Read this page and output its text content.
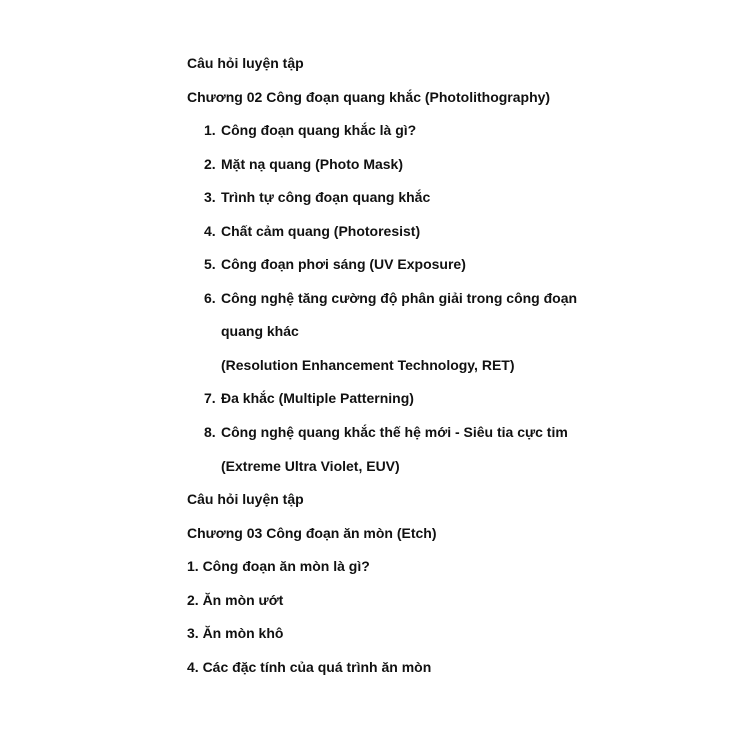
Câu hỏi luyện tập
Chương 02 Công đoạn quang khắc (Photolithography)
1. Công đoạn quang khắc là gì?
2. Mặt nạ quang (Photo Mask)
3. Trình tự công đoạn quang khắc
4. Chất cảm quang (Photoresist)
5. Công đoạn phơi sáng (UV Exposure)
6. Công nghệ tăng cường độ phân giải trong công đoạn
quang khác
(Resolution Enhancement Technology, RET)
7. Đa khắc (Multiple Patterning)
8. Công nghệ quang khắc thế hệ mới - Siêu tia cực tim
(Extreme Ultra Violet, EUV)
Câu hỏi luyện tập
Chương 03 Công đoạn ăn mòn (Etch)
1. Công đoạn ăn mòn là gì?
2. Ăn mòn ướt
3. Ăn mòn khô
4. Các đặc tính của quá trình ăn mòn
